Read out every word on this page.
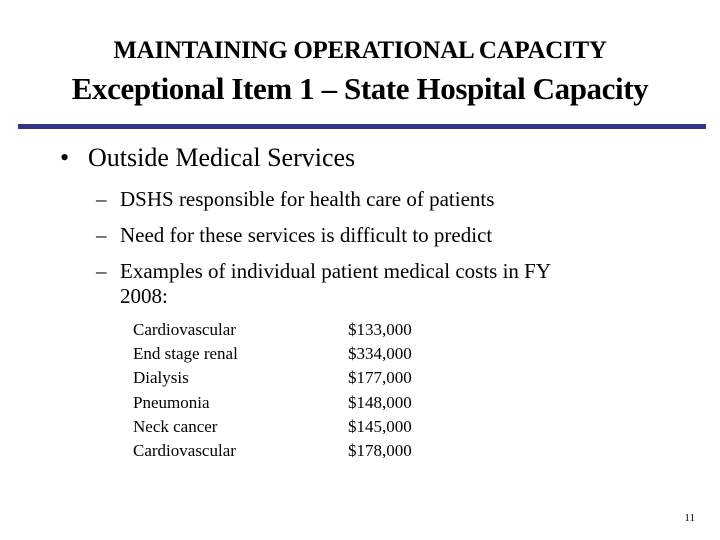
MAINTAINING OPERATIONAL CAPACITY
Exceptional Item 1 – State Hospital Capacity
• Outside Medical Services
– DSHS responsible for health care of patients
– Need for these services is difficult to predict
– Examples of individual patient medical costs in FY
2008:
Cardiovascular	$133,000
End stage renal	$334,000
Dialysis	$177,000
Pneumonia	$148,000
Neck cancer	$145,000
Cardiovascular	$178,000
11
